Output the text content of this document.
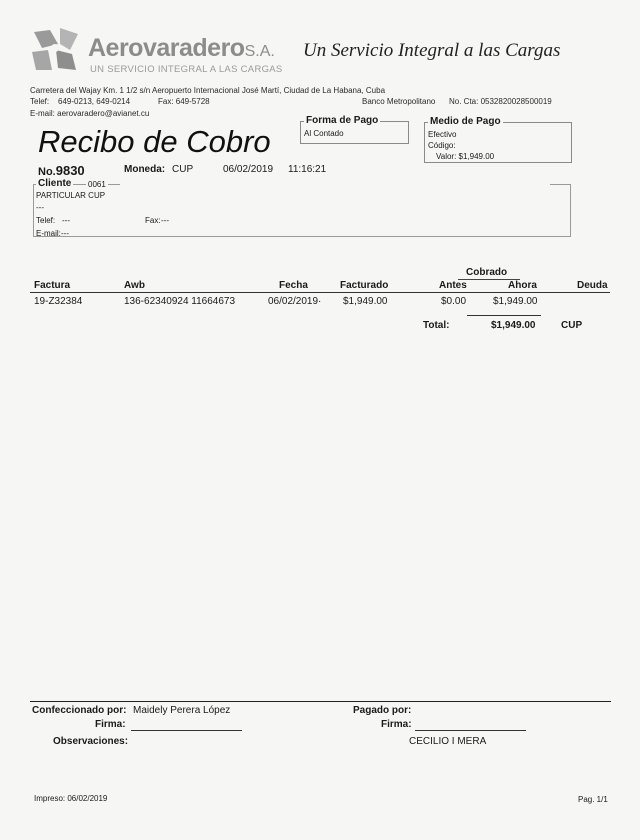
AerovaraderoS.A.
UN SERVICIO INTEGRAL A LAS CARGAS
Un Servicio Integral a las Cargas
Carretera del Wajay Km. 1 1/2 s/n Aeropuerto Internacional José Martí, Ciudad de La Habana, Cuba
Telef: 649-0213, 649-0214	Fax: 649-5728	Banco Metropolitano No. Cta: 0532820028500019
E-mail: aerovaradero@avianet.cu
Recibo de Cobro
Forma de Pago
Al Contado
Medio de Pago
Efectivo
Código:
Valor: $1,949.00
No.9830	Moneda: CUP	06/02/2019 11:16:21
Cliente 0061
PARTICULAR CUP
---
Telef: ---	Fax: ---
E-mail: ---
Cobrado
Factura	Awb	Fecha	Facturado	Antes	Ahora	Deuda
19-Z32384	136-62340924 11664673	06/02/2019· $1,949.00	$0.00	$1,949.00
Total:	$1,949.00	CUP
Confeccionado por: Maidely Perera López
Firma:
Observaciones:
Pagado por:
Firma:
CECILIO I MERA
Impreso: 06/02/2019	Pag. 1/1
